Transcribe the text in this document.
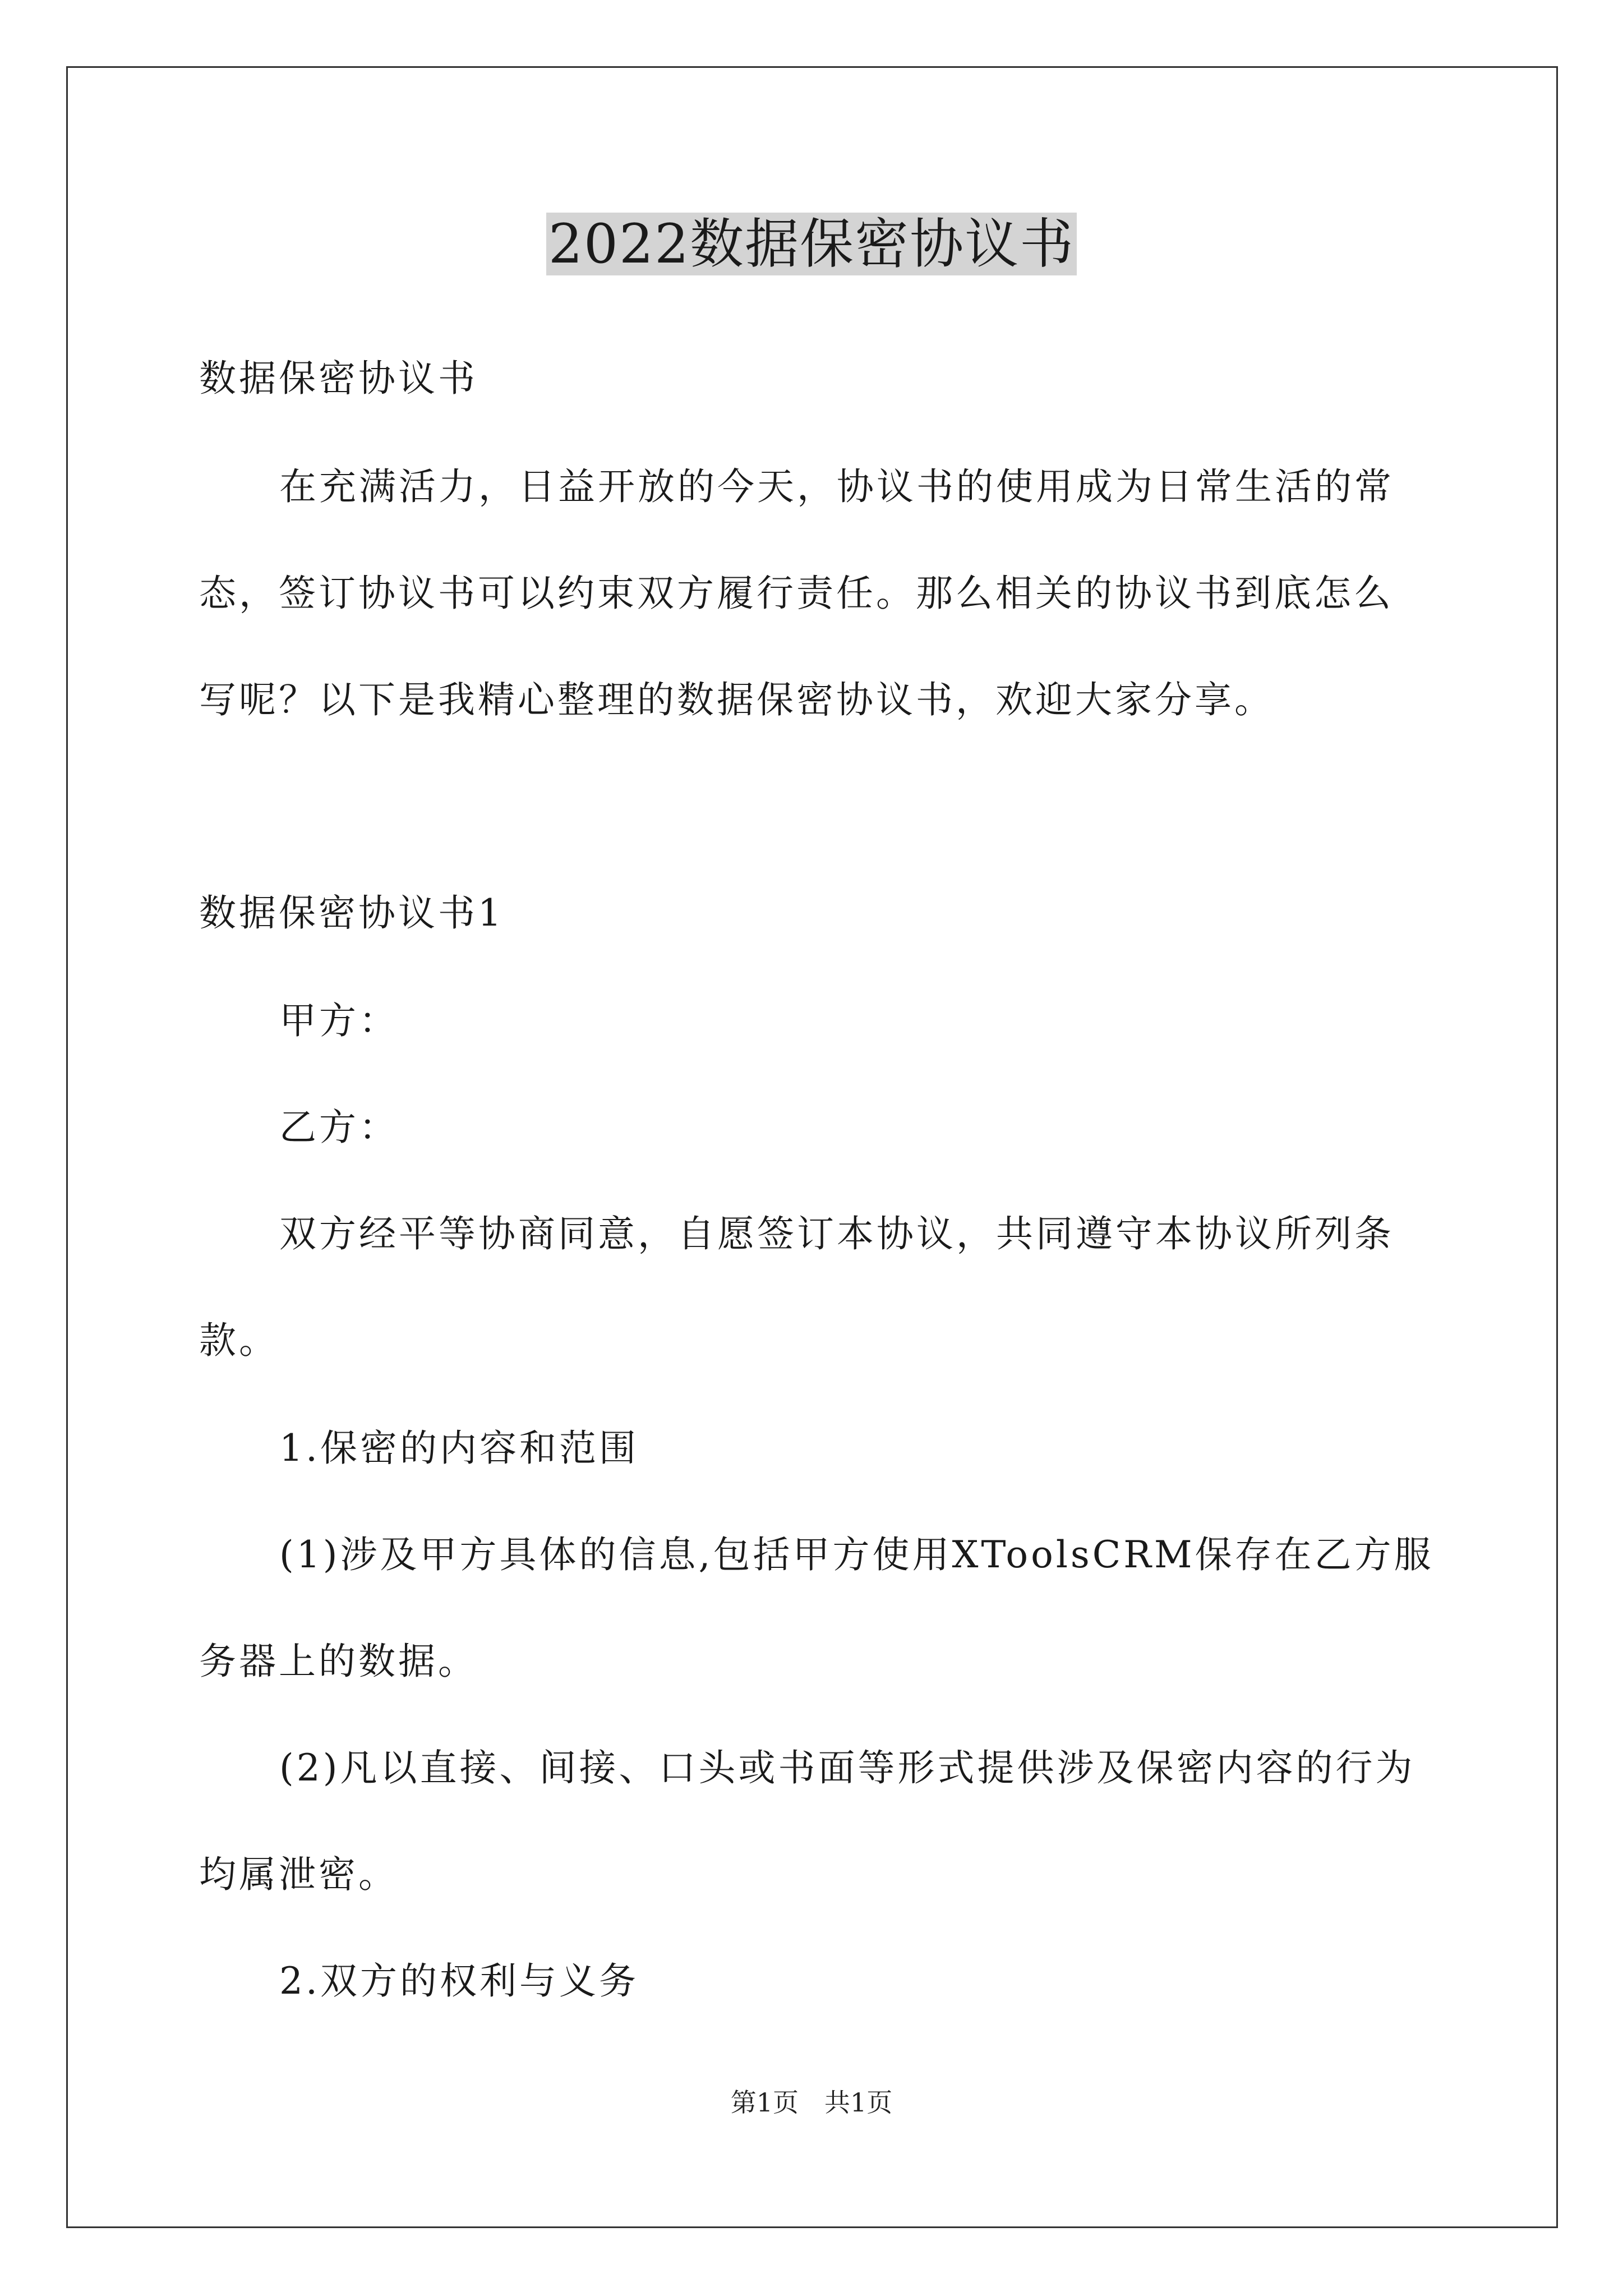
2022数据保密协议书
数据保密协议书
在充满活力，日益开放的今天，协议书的使用成为日常生活的常
态，签订协议书可以约束双方履行责任。那么相关的协议书到底怎么
写呢？以下是我精心整理的数据保密协议书，欢迎大家分享。
数据保密协议书1
甲方：
乙方：
双方经平等协商同意，自愿签订本协议，共同遵守本协议所列条
款。
1.保密的内容和范围
(1)涉及甲方具体的信息,包括甲方使用XToolsCRM保存在乙方服
务器上的数据。
(2)凡以直接、间接、口头或书面等形式提供涉及保密内容的行为
均属泄密。
2.双方的权利与义务
第1页　共1页
